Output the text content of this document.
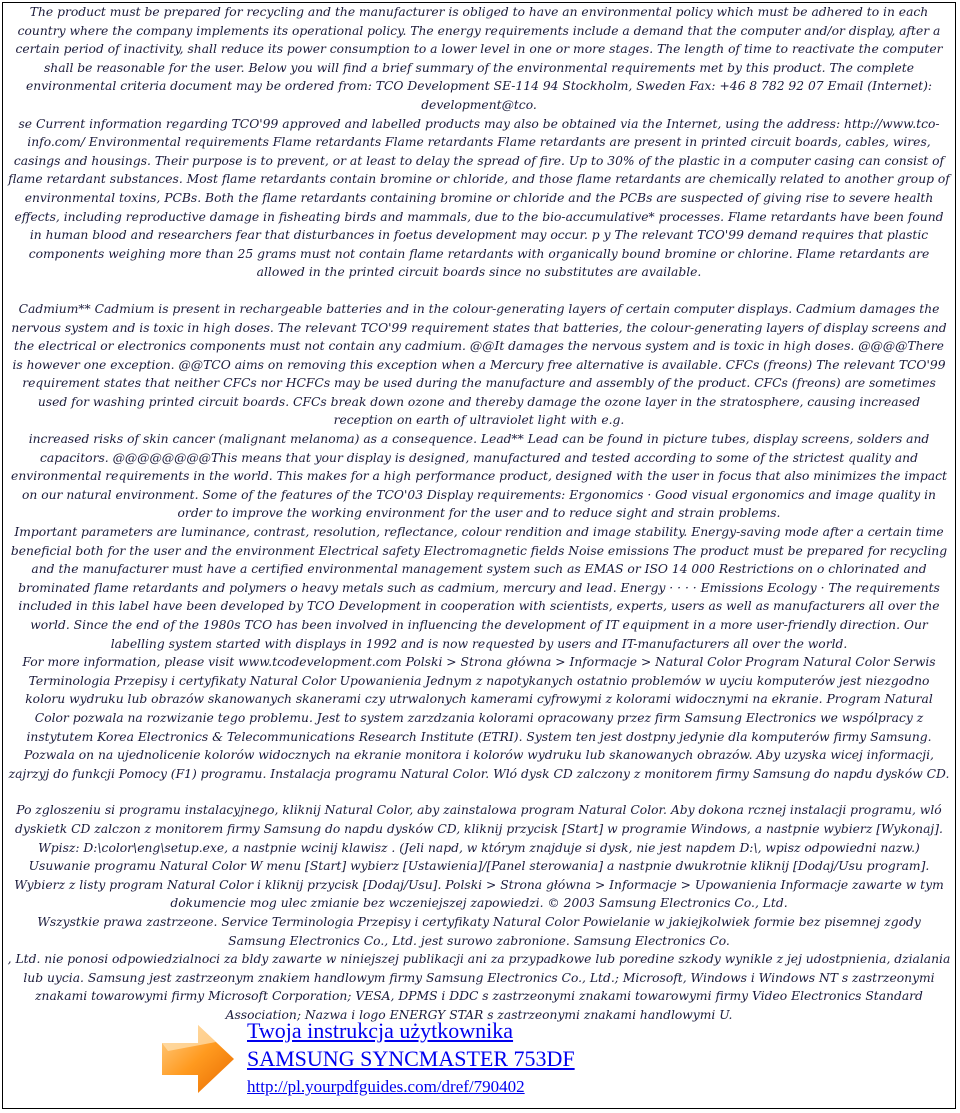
The product must be prepared for recycling and the manufacturer is obliged to have an environmental policy which must be adhered to in each country where the company implements its operational policy. The energy requirements include a demand that the computer and/or display, after a certain period of inactivity, shall reduce its power consumption to a lower level in one or more stages. The length of time to reactivate the computer shall be reasonable for the user. Below you will find a brief summary of the environmental requirements met by this product. The complete environmental criteria document may be ordered from: TCO Development SE-114 94 Stockholm, Sweden Fax: +46 8 782 92 07 Email (Internet): development@tco.

se Current information regarding TCO'99 approved and labelled products may also be obtained via the Internet, using the address: http://www.tco-info.com/ Environmental requirements Flame retardants Flame retardants Flame retardants are present in printed circuit boards, cables, wires, casings and housings. Their purpose is to prevent, or at least to delay the spread of fire. Up to 30% of the plastic in a computer casing can consist of flame retardant substances. Most flame retardants contain bromine or chloride, and those flame retardants are chemically related to another group of environmental toxins, PCBs. Both the flame retardants containing bromine or chloride and the PCBs are suspected of giving rise to severe health effects, including reproductive damage in fisheating birds and mammals, due to the bio-accumulative* processes. Flame retardants have been found in human blood and researchers fear that disturbances in foetus development may occur. p y The relevant TCO'99 demand requires that plastic components weighing more than 25 grams must not contain flame retardants with organically bound bromine or chlorine. Flame retardants are allowed in the printed circuit boards since no substitutes are available.

Cadmium** Cadmium is present in rechargeable batteries and in the colour-generating layers of certain computer displays. Cadmium damages the nervous system and is toxic in high doses. The relevant TCO'99 requirement states that batteries, the colour-generating layers of display screens and the electrical or electronics components must not contain any cadmium. @@It damages the nervous system and is toxic in high doses. @@@@There is however one exception. @@TCO aims on removing this exception when a Mercury free alternative is available. CFCs (freons) The relevant TCO'99 requirement states that neither CFCs nor HCFCs may be used during the manufacture and assembly of the product. CFCs (freons) are sometimes used for washing printed circuit boards. CFCs break down ozone and thereby damage the ozone layer in the stratosphere, causing increased reception on earth of ultraviolet light with e.g.

increased risks of skin cancer (malignant melanoma) as a consequence. Lead** Lead can be found in picture tubes, display screens, solders and capacitors. @@@@@@@@This means that your display is designed, manufactured and tested according to some of the strictest quality and environmental requirements in the world. This makes for a high performance product, designed with the user in focus that also minimizes the impact on our natural environment. Some of the features of the TCO'03 Display requirements: Ergonomics · Good visual ergonomics and image quality in order to improve the working environment for the user and to reduce sight and strain problems.

Important parameters are luminance, contrast, resolution, reflectance, colour rendition and image stability. Energy-saving mode after a certain time beneficial both for the user and the environment Electrical safety Electromagnetic fields Noise emissions The product must be prepared for recycling and the manufacturer must have a certified environmental management system such as EMAS or ISO 14 000 Restrictions on o chlorinated and brominated flame retardants and polymers o heavy metals such as cadmium, mercury and lead. Energy · · · · Emissions Ecology · The requirements included in this label have been developed by TCO Development in cooperation with scientists, experts, users as well as manufacturers all over the world. Since the end of the 1980s TCO has been involved in influencing the development of IT equipment in a more user-friendly direction. Our labelling system started with displays in 1992 and is now requested by users and IT-manufacturers all over the world.

For more information, please visit www.tcodevelopment.com Polski > Strona główna > Informacje > Natural Color Program Natural Color Serwis Terminologia Przepisy i certyfikaty Natural Color Upowanienia Jednym z napotykanych ostatnio problemów w uyciu komputerów jest niezgodno koloru wydruku lub obrazów skanowanych skanerami czy utrwalonych kamerami cyfrowymi z kolorami widocznymi na ekranie. Program Natural Color pozwala na rozwizanie tego problemu. Jest to system zarzdzania kolorami opracowany przez firm Samsung Electronics we wspólpracy z instytutem Korea Electronics & Telecommunications Research Institute (ETRI). System ten jest dostpny jedynie dla komputerów firmy Samsung. Pozwala on na ujednolicenie kolorów widocznych na ekranie monitora i kolorów wydruku lub skanowanych obrazów. Aby uzyska wicej informacji, zajrzyj do funkcji Pomocy (F1) programu. Instalacja programu Natural Color. Wló dysk CD zalczony z monitorem firmy Samsung do napdu dysków CD.

Po zgloszeniu si programu instalacyjnego, kliknij Natural Color, aby zainstalowa program Natural Color. Aby dokona rcznej instalacji programu, wló dyskietk CD zalczon z monitorem firmy Samsung do napdu dysków CD, kliknij przycisk [Start] w programie Windows, a nastpnie wybierz [Wykonaj]. Wpisz: D:\color\eng\setup.exe, a nastpnie wcinij klawisz . (Jeli napd, w którym znajduje si dysk, nie jest napdem D:\, wpisz odpowiedni nazw.) Usuwanie programu Natural Color W menu [Start] wybierz [Ustawienia]/[Panel sterowania] a nastpnie dwukrotnie kliknij [Dodaj/Usu program]. Wybierz z listy program Natural Color i kliknij przycisk [Dodaj/Usu]. Polski > Strona główna > Informacje > Upowanienia Informacje zawarte w tym dokumencie mog ulec zmianie bez wczeniejszej zapowiedzi. © 2003 Samsung Electronics Co., Ltd.

Wszystkie prawa zastrzeone. Service Terminologia Przepisy i certyfikaty Natural Color Powielanie w jakiejkolwiek formie bez pisemnej zgody Samsung Electronics Co., Ltd. jest surowo zabronione. Samsung Electronics Co.

, Ltd. nie ponosi odpowiedzialnoci za bldy zawarte w niniejszej publikacji ani za przypadkowe lub poredine szkody wynikle z jej udostpnienia, dzialania lub uycia. Samsung jest zastrzeonym znakiem handlowym firmy Samsung Electronics Co., Ltd.; Microsoft, Windows i Windows NT s zastrzeonymi znakami towarowymi firmy Microsoft Corporation; VESA, DPMS i DDC s zastrzeonymi znakami towarowymi firmy Video Electronics Standard Association; Nazwa i logo ENERGY STAR s zastrzeonymi znakami handlowymi U.

Twoja instrukcja użytkownika
SAMSUNG SYNCMASTER 753DF
http://pl.yourpdfguides.com/dref/790402
